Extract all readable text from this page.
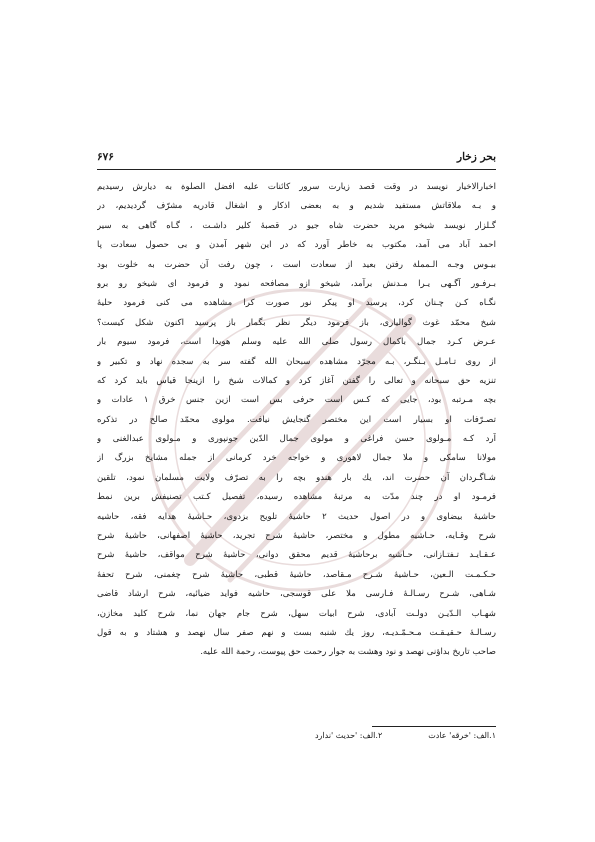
بحر زخار
۶۷۶
اخبارالاخیار نویسد در وقت قصد زیارت سرور کائنات علیه افضل الصلوة به دیارش رسیدیم
و بـه ملاقاتش مستفید شدیم و به بعضی اذکار و اشغال قادریه مشرّف گردیدیم، در
گـلزار نویسد شیخو مرید حضرت شاه جیو در قصبهٔ کلیر داشـت ، گـاه گاهی به سیر
احمد آباد می آمد، مکتوب به خاطر آورد که در این شهر آمدن و بی حصول سعادت پا
بیـوس وجـه الـمملة رفتن بعید از سعادت است ، چون رفت آن حضرت به خلوت بود
بـرفـور آگـهی یـرا مـدنش برآمد، شیخو ازو مصافحه نمود و فرمود ای شیخو رو برو
نگـاه کـن چـنان کرد، پرسید او پیکر نور صورت کرا مشاهده می کنی فرمود حلیهٔ
شیخ محمّد غوث گوالیاری، باز فرمود دیگر نظر بگمار باز پرسید اکنون شکل کیست؟
عـرض کـرد جمال باکمال رسول صلی الله علیه وسلم هویدا است، فرمود سیوم بار
از روی تـامـل بـنگـر، بـه مجرّد مشاهده سبحان الله گفته سر به سجده نهاد و تکبیر و
تنزیه حق سبحانه و تعالی را گفتن آغاز کرد و کمالات شیخ را ازینجا قیاس باید کرد که
بچه مـرتبه بود، جایی که کـس است حرفی بس است ازین جنس خرق ۱ عادات و
تصـرّفات او بسیار است این مختصر گنجایش نیافت. مولوی محمّد صالح در تذکره
آرد کـه مـولوی حسن فراغی و مولوی جمال الدّین جونپوری و مـولوی عبدالغنی و
مولانا سامکی و ملا جمال لاهوری و خواجه خرد کرمانی از جمله مشایخ بزرگ از
شـاگـردان آن حضرت اند، یك بار هندو بچه را به تصرّف ولایت مسلمان نمود، تلقین
فرمـود او در چند مدّت به مرتبهٔ مشاهده رسیده، تفصیل کـتب تصنیفش برین نمط
حاشیهٔ بیضاوی و در اصول حدیث ۲ حاشیهٔ تلویح بزدوی، حـاشیهٔ هدایه فقه، حاشیه
شرح وقـایه، حـاشیه مطول و مختصر، حاشیهٔ شرح تجرید، حاشیهٔ اصفهانی، حاشیهٔ شرح
عـقـایـد تـفتـازانی، حـاشیه برحاشیهٔ قدیم محقق دوانی، حاشیهٔ شرح مواقف، حاشیهٔ شرح
حـکـمـت الـعین، حـاشیهٔ شـرح مـقاصد، حاشیهٔ قطبی، حاشیهٔ شرح چغمنی، شرح تحفهٔ
شـاهی، شـرح رسـالـهٔ فـارسی ملا علی قوسجی، حاشیه فواید ضیائیه، شرح ارشاد قاضی
شهـاب الـدّیـن دولـت آبادی، شرح ابیات سهل، شرح جام جهان نما، شرح کلید مخازن،
رسـالـهٔ حـقیـقـت مـحـمّـدیـه، روز یك شنبه بست و نهم صفر سال نهصد و هشتاد و به قول
صاحب تاریخ بداؤنی نهصد و نود وهشت به جوار رحمت حق پیوست، رحمة الله علیه.
۱.الف: 'خرقه' عادت۲.الف: 'حدیث 'ندارد
